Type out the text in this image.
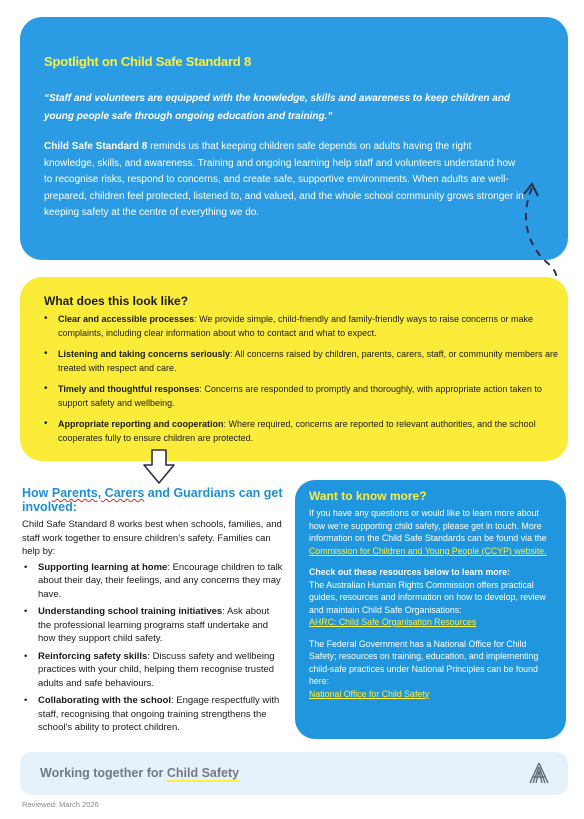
Spotlight on Child Safe Standard 8
“Staff and volunteers are equipped with the knowledge, skills and awareness to keep children and young people safe through ongoing education and training.”
Child Safe Standard 8 reminds us that keeping children safe depends on adults having the right knowledge, skills, and awareness. Training and ongoing learning help staff and volunteers understand how to recognise risks, respond to concerns, and create safe, supportive environments. When adults are well-prepared, children feel protected, listened to, and valued, and the whole school community grows stronger in keeping safety at the centre of everything we do.
What does this look like?
• Clear and accessible processes: We provide simple, child-friendly and family-friendly ways to raise concerns or make complaints, including clear information about who to contact and what to expect.
• Listening and taking concerns seriously: All concerns raised by children, parents, carers, staff, or community members are treated with respect and care.
• Timely and thoughtful responses: Concerns are responded to promptly and thoroughly, with appropriate action taken to support safety and wellbeing.
• Appropriate reporting and cooperation: Where required, concerns are reported to relevant authorities, and the school cooperates fully to ensure children are protected.
How Parents, Carers and Guardians can get involved:
Child Safe Standard 8 works best when schools, families, and staff work together to ensure children’s safety. Families can help by:
• Supporting learning at home: Encourage children to talk about their day, their feelings, and any concerns they may have.
• Understanding school training initiatives: Ask about the professional learning programs staff undertake and how they support child safety.
• Reinforcing safety skills: Discuss safety and wellbeing practices with your child, helping them recognise trusted adults and safe behaviours.
• Collaborating with the school: Engage respectfully with staff, recognising that ongoing training strengthens the school’s ability to protect children.
Want to know more?

If you have any questions or would like to learn more about how we’re supporting child safety, please get in touch. More information on the Child Safe Standards can be found via the Commission for Children and Young People (CCYP) website.

Check out these resources below to learn more:
The Australian Human Rights Commission offers practical guides, resources and information on how to develop, review and maintain Child Safe Organisations:
AHRC: Child Safe Organisation Resources

The Federal Government has a National Office for Child Safety; resources on training, education, and implementing child-safe practices under National Principles can be found here:
National Office for Child Safety

Working together for Child Safety
Reviewed: March 2026
